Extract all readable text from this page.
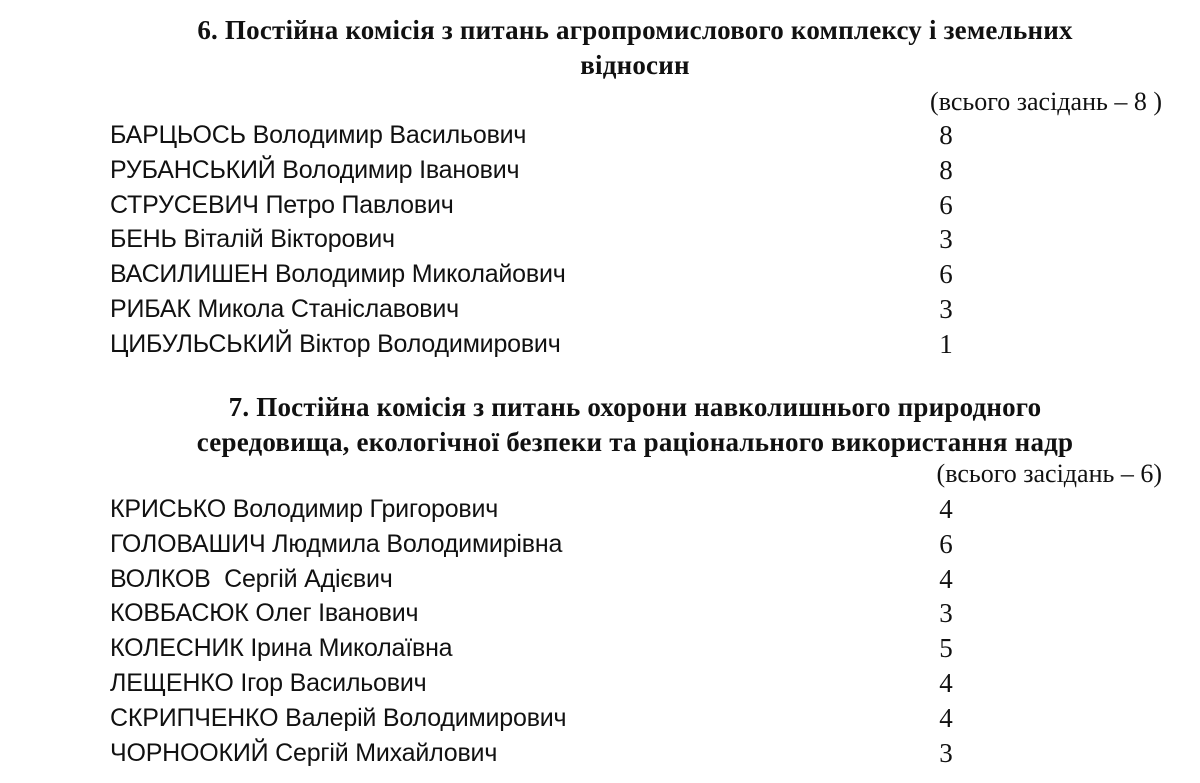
6. Постійна комісія з питань агропромислового комплексу і земельних
відносин
(всього засідань – 8 )
БАРЦЬОСЬ Володимир Васильович	8
РУБАНСЬКИЙ Володимир Іванович	8
СТРУСЕВИЧ Петро Павлович	6
БЕНЬ Віталій Вікторович	3
ВАСИЛИШЕН Володимир Миколайович	6
РИБАК Микола Станіславович	3
ЦИБУЛЬСЬКИЙ Віктор Володимирович	1
7. Постійна комісія з питань охорони навколишнього природного
середовища, екологічної безпеки та раціонального використання надр
(всього засідань – 6)
КРИСЬКО Володимир Григорович	4
ГОЛОВАШИЧ Людмила Володимирівна	6
ВОЛКОВ  Сергій Адієвич	4
КОВБАСЮК Олег Іванович	3
КОЛЕСНИК Ірина Миколаївна	5
ЛЕЩЕНКО Ігор Васильович	4
СКРИПЧЕНКО Валерій Володимирович	4
ЧОРНООКИЙ Сергій Михайлович	3
